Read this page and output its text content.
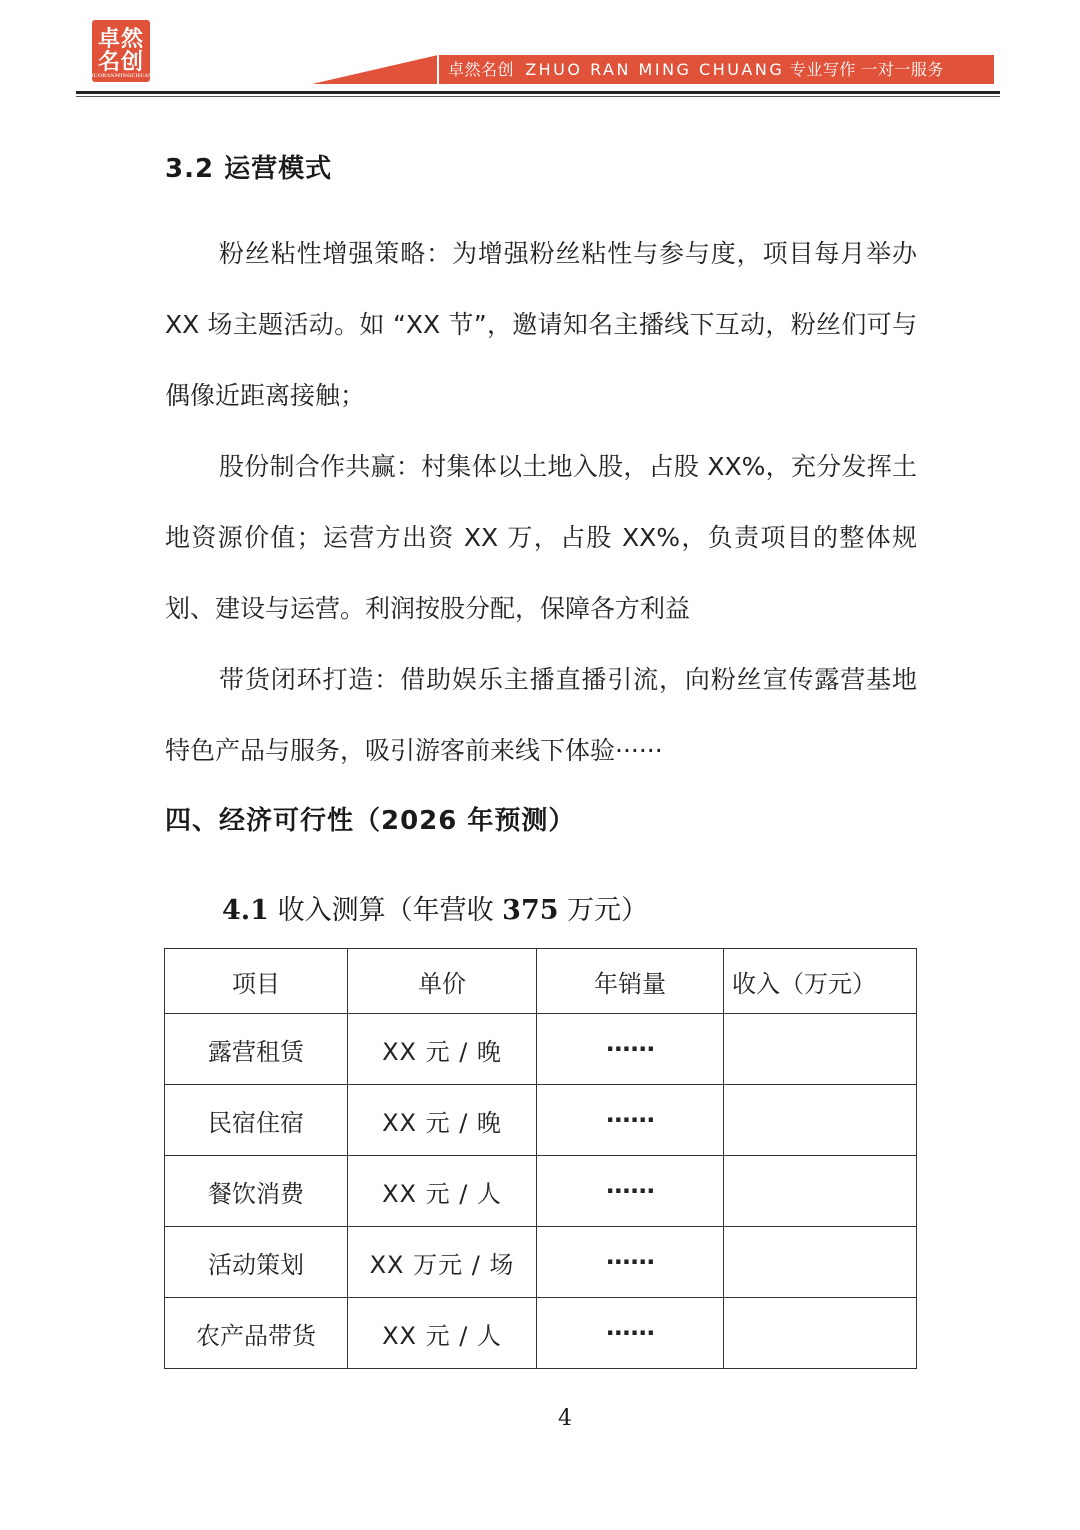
卓然
名创
ZHUORANMINGCHUANG	卓然名创 ZHUO RAN MING CHUANG 专业写作 一对一服务
3.2 运营模式
粉丝粘性增强策略：为增强粉丝粘性与参与度，项目每月举办 XX 场主题活动。如 “XX 节”，邀请知名主播线下互动，粉丝们可与偶像近距离接触；
股份制合作共赢：村集体以土地入股，占股 XX%，充分发挥土地资源价值；运营方出资 XX 万，占股 XX%，负责项目的整体规划、建设与运营。利润按股分配，保障各方利益
带货闭环打造：借助娱乐主播直播引流，向粉丝宣传露营基地特色产品与服务，吸引游客前来线下体验······
四、经济可行性（2026 年预测）
4.1 收入测算（年营收 375 万元）
项目	单价	年销量	收入（万元）
露营租赁	XX 元 / 晚	······	
民宿住宿	XX 元 / 晚	······	
餐饮消费	XX 元 / 人	······	
活动策划	XX 万元 / 场	······	
农产品带货	XX 元 / 人	······	
4
